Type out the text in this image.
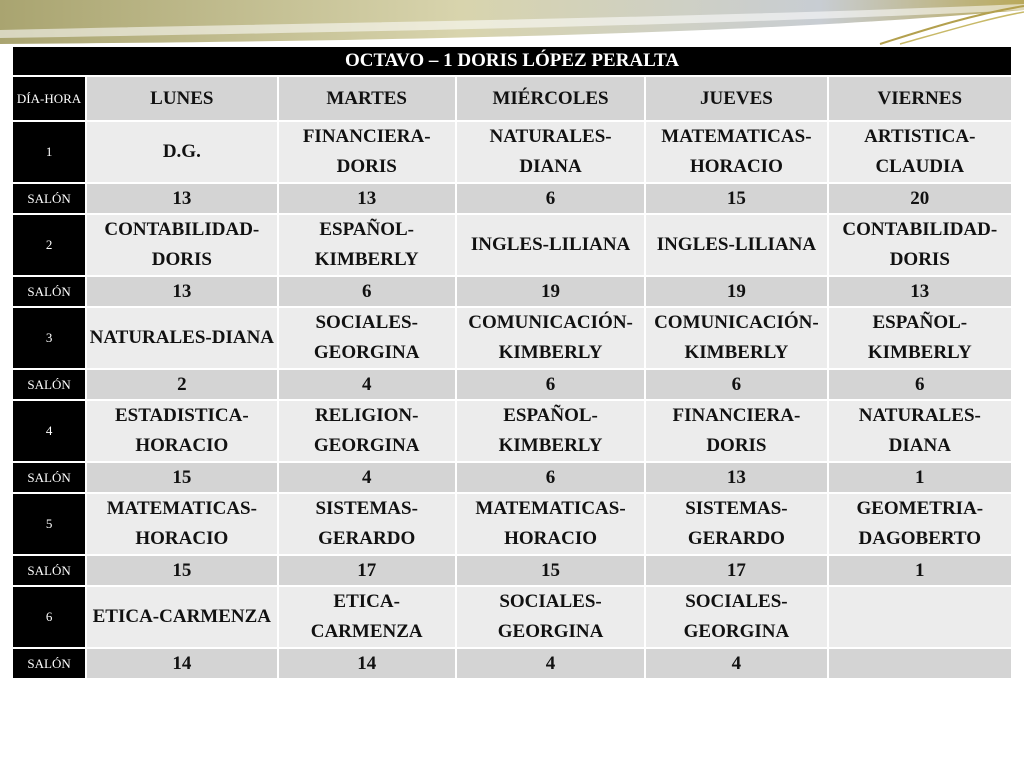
OCTAVO – 1 DORIS LÓPEZ PERALTA					
DÍA-HORA	LUNES	MARTES	MIÉRCOLES	JUEVES	VIERNES
1	D.G.	FINANCIERA-DORIS	NATURALES-DIANA	MATEMATICAS-HORACIO	ARTISTICA-CLAUDIA
SALÓN	13	13	6	15	20
2	CONTABILIDAD-DORIS	ESPAÑOL-KIMBERLY	INGLES-LILIANA	INGLES-LILIANA	CONTABILIDAD-DORIS
SALÓN	13	6	19	19	13
3	NATURALES-DIANA	SOCIALES-GEORGINA	COMUNICACIÓN-KIMBERLY	COMUNICACIÓN-KIMBERLY	ESPAÑOL-KIMBERLY
SALÓN	2	4	6	6	6
4	ESTADISTICA-HORACIO	RELIGION-GEORGINA	ESPAÑOL-KIMBERLY	FINANCIERA-DORIS	NATURALES-DIANA
SALÓN	15	4	6	13	1
5	MATEMATICAS-HORACIO	SISTEMAS-GERARDO	MATEMATICAS-HORACIO	SISTEMAS-GERARDO	GEOMETRIA-DAGOBERTO
SALÓN	15	17	15	17	1
6	ETICA-CARMENZA	ETICA-CARMENZA	SOCIALES-GEORGINA	SOCIALES-GEORGINA	
SALÓN	14	14	4	4	
